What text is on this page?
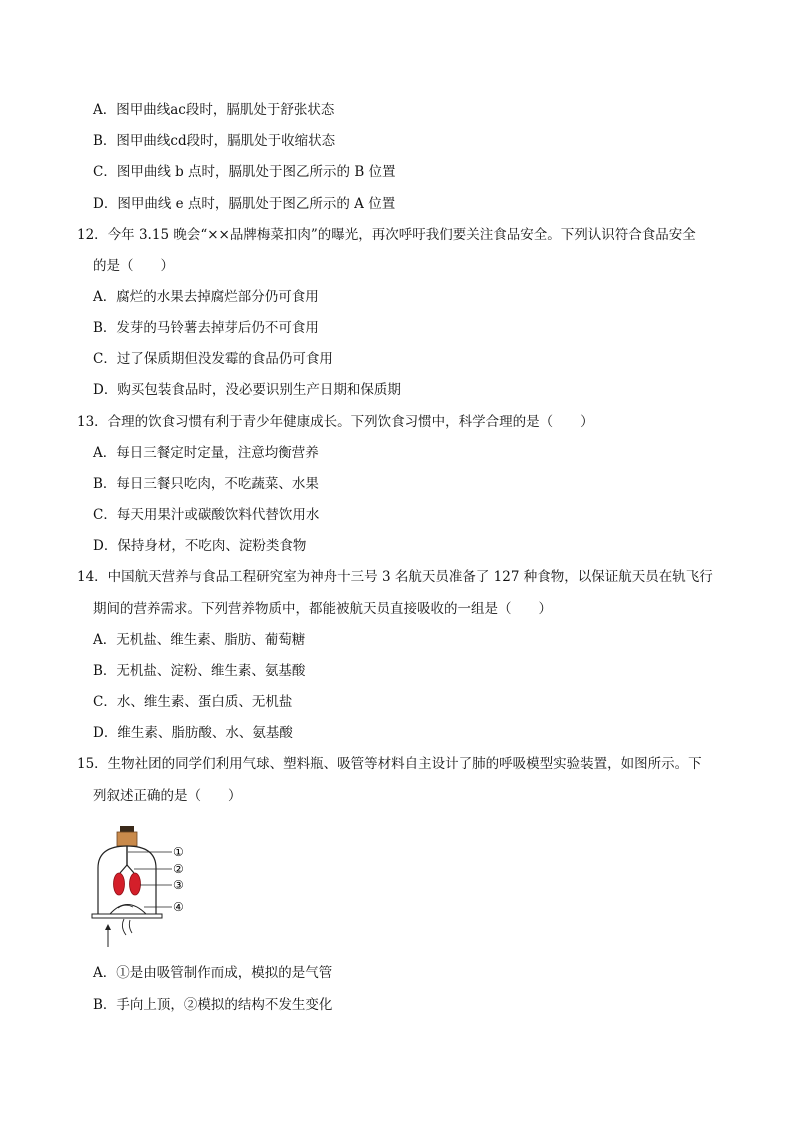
A．图甲曲线ac段时，膈肌处于舒张状态
B．图甲曲线cd段时，膈肌处于收缩状态
C．图甲曲线 b 点时，膈肌处于图乙所示的 B 位置
D．图甲曲线 e 点时，膈肌处于图乙所示的 A 位置
12．今年 3.15 晚会“××品牌梅菜扣肉”的曝光，再次呼吁我们要关注食品安全。下列认识符合食品安全
的是（　　）
A．腐烂的水果去掉腐烂部分仍可食用
B．发芽的马铃薯去掉芽后仍不可食用
C．过了保质期但没发霉的食品仍可食用
D．购买包装食品时，没必要识别生产日期和保质期
13．合理的饮食习惯有利于青少年健康成长。下列饮食习惯中，科学合理的是（　　）
A．每日三餐定时定量，注意均衡营养
B．每日三餐只吃肉，不吃蔬菜、水果
C．每天用果汁或碳酸饮料代替饮用水
D．保持身材，不吃肉、淀粉类食物
14．中国航天营养与食品工程研究室为神舟十三号 3 名航天员准备了 127 种食物，以保证航天员在轨飞行
期间的营养需求。下列营养物质中，都能被航天员直接吸收的一组是（　　）
A．无机盐、维生素、脂肪、葡萄糖
B．无机盐、淀粉、维生素、氨基酸
C．水、维生素、蛋白质、无机盐
D．维生素、脂肪酸、水、氨基酸
15．生物社团的同学们利用气球、塑料瓶、吸管等材料自主设计了肺的呼吸模型实验装置，如图所示。下
列叙述正确的是（　　）
①
②
③
④
A．①是由吸管制作而成，模拟的是气管
B．手向上顶，②模拟的结构不发生变化
